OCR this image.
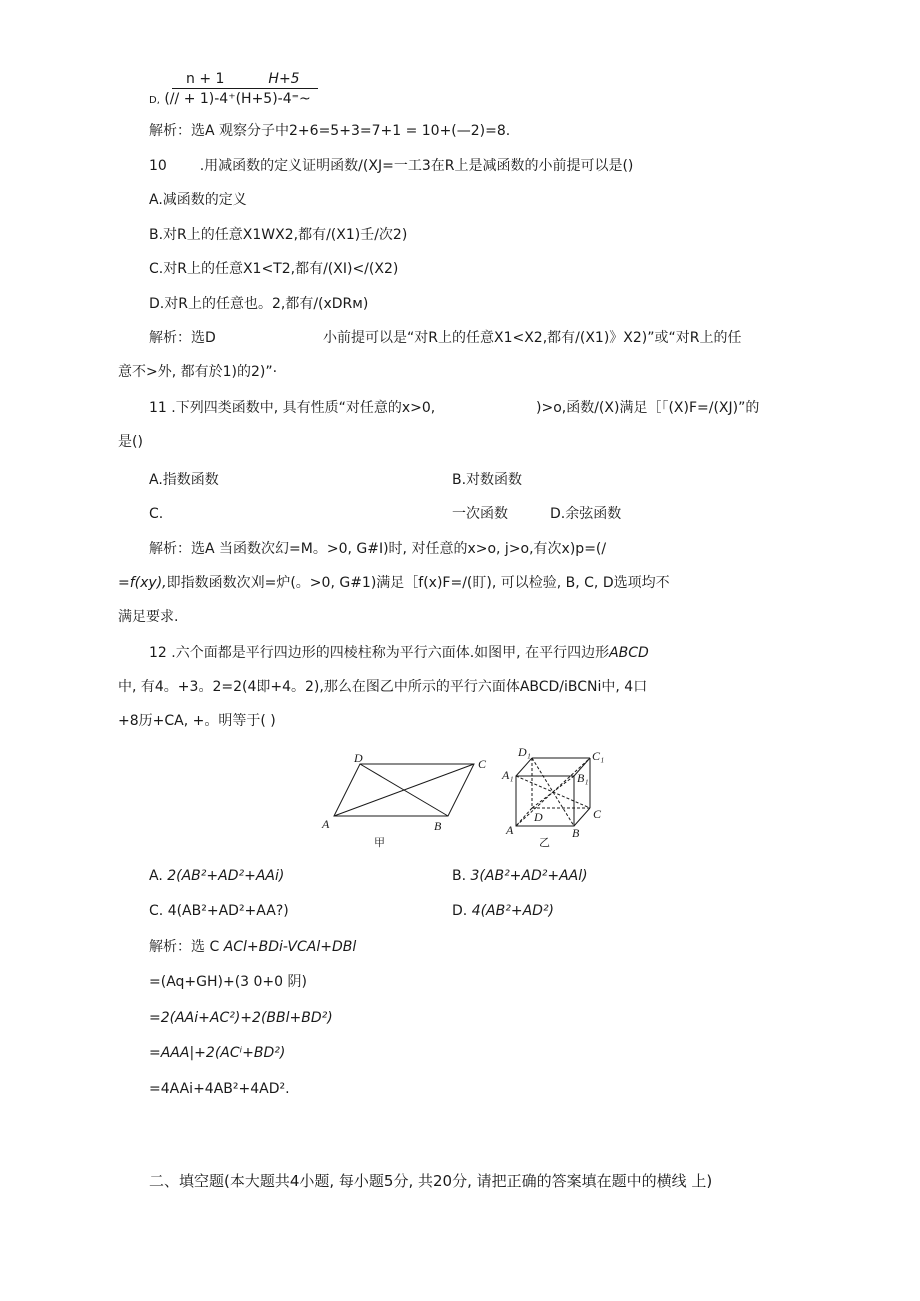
n + 1	H+5
D, (// + 1)-4⁺(H+5)-4⁼~
解析：选A 观察分子中2+6=5+3=7+1 = 10+(—2)=8.
10 .用减函数的定义证明函数/(XJ=一工3在R上是减函数的小前提可以是()
A.减函数的定义
B.对R上的任意X1WX2,都有/(X1)壬/次2)
C.对R上的任意X1<T2,都有/(XI)</(X2)
D.对R上的任意也。2,都有/(xDRм)
解析：选D	小前提可以是“对R上的任意X1<X2,都有/(X1)》X2)”或“对R上的任
意不>外, 都有於1)的2)”·
11 .下列四类函数中, 具有性质“对任意的x>0,	)>o,函数/(X)满足［「(X)F=/(XJ)”的
是()
A.指数函数	B.对数函数
C.	一次函数	D.余弦函数
解析：选A 当函数次幻=M。>0, G#I)时, 对任意的x>o, j>o,有次x)p=(/
=f(xy),即指数函数次刈=炉(。>0, G#1)满足［f(x)F=/(盯), 可以检验, B, C, D选项均不
满足要求.
12 .六个面都是平行四边形的四棱柱称为平行六面体.如图甲, 在平行四边形ABCD
中, 有4。+3。2=2(4即+4。2),那么在图乙中所示的平行六面体ABCD/iBCNi中, 4口
+8历+CA, +。明等于( )
D	C
A	B
甲
D₁	C₁
A₁	B₁
D	C
A	B
乙
A. 2(AB²+AD²+AAi)	B. 3(AB²+AD²+AAl)
C. 4(AB²+AD²+AA?)	D. 4(AB²+AD²)
解析：选 C ACl+BDi-VCAl+DBl
=(Aq+GH)+(3 0+0 阴)
=2(AAi+AC²)+2(BBl+BD²)
=AAA|+2(ACⁱ+BD²)
=4AAi+4AB²+4AD².
二、填空题(本大题共4小题, 每小题5分, 共20分, 请把正确的答案填在题中的横线 上)
